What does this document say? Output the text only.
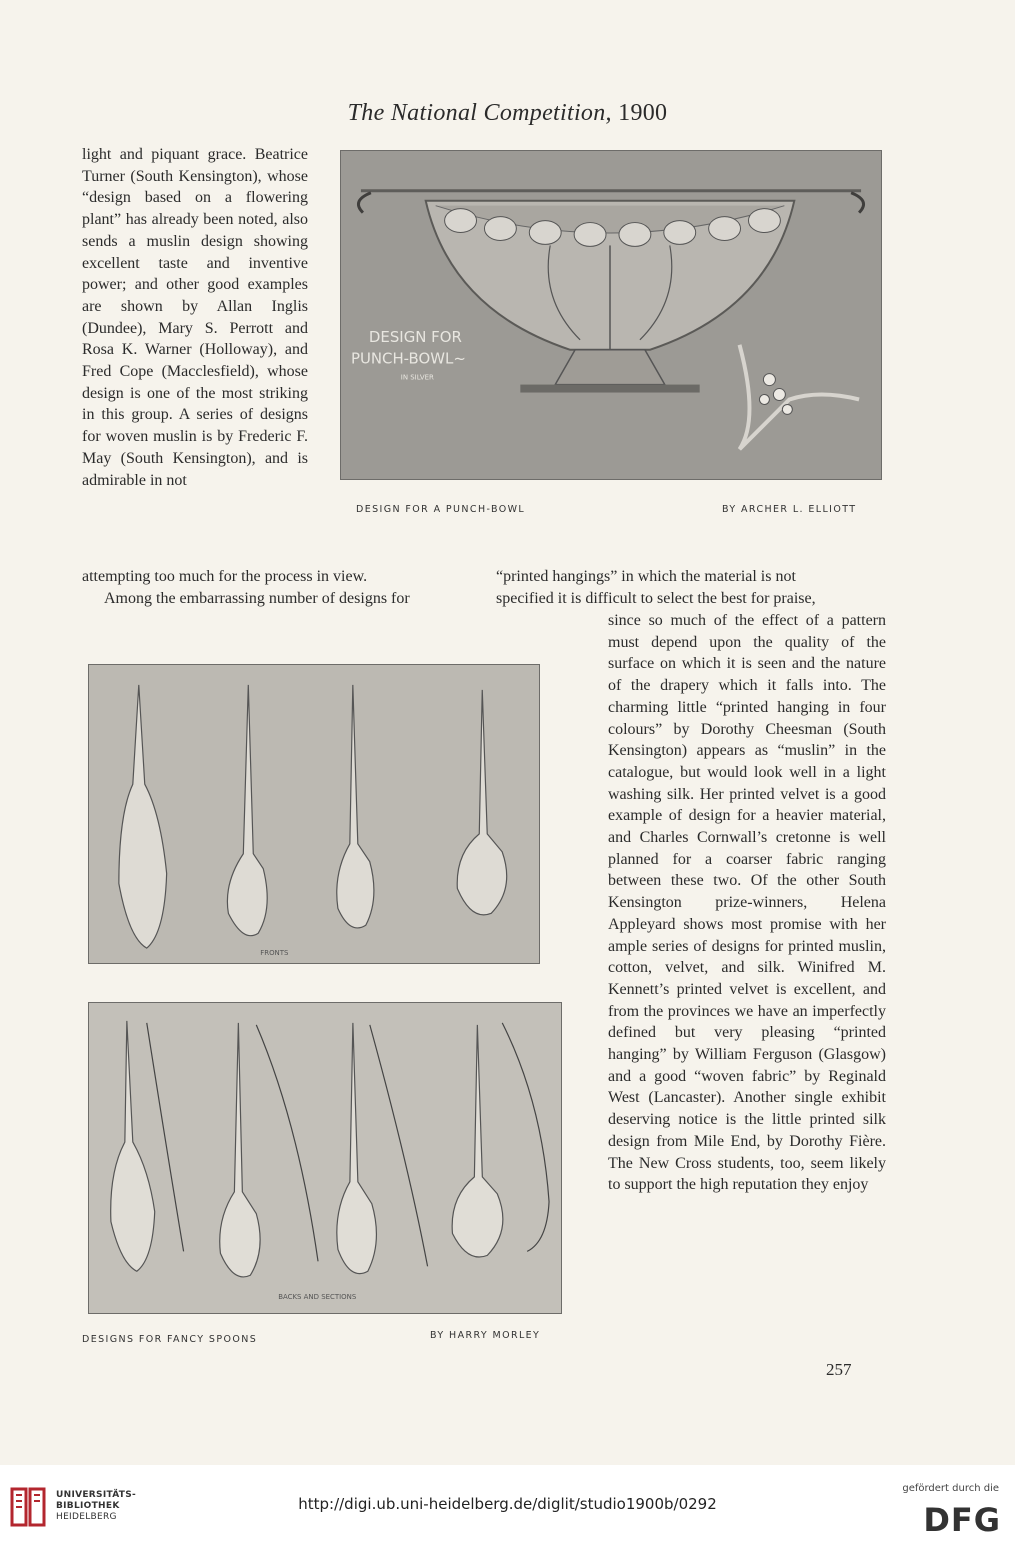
The National Competition, 1900

light and piquant grace. Beatrice Turner (South Kensington), whose “design based on a flowering plant” has already been noted, also sends a muslin design showing excellent taste and inventive power; and other good examples are shown by Allan Inglis (Dundee), Mary S. Perrott and Rosa K. Warner (Holloway), and Fred Cope (Macclesfield), whose design is one of the most striking in this group. A series of designs for woven muslin is by Frederic F. May (South Kensington), and is admirable in not

DESIGN FOR
PUNCH-BOWL~
IN SILVER
DESIGN FOR A PUNCH-BOWL	BY ARCHER L. ELLIOTT
attempting too much for the process in view.	“printed hangings” in which the material is not
Among the embarrassing number of designs for	specified it is difficult to select the best for praise,

since so much of the effect of a pattern must depend upon the quality of the surface on which it is seen and the nature of the drapery which it falls into. The charming little “printed hanging in four colours” by Dorothy Cheesman (South Kensington) appears as “muslin” in the catalogue, but would look well in a light washing silk. Her printed velvet is a good example of design for a heavier material, and Charles Cornwall’s cretonne is well planned for a coarser fabric ranging between these two. Of the other South Kensington prize-winners, Helena Appleyard shows most promise with her ample series of designs for printed muslin, cotton, velvet, and silk. Winifred M. Kennett’s printed velvet is excellent, and from the provinces we have an imperfectly defined but very pleasing “printed hanging” by William Ferguson (Glasgow) and a good “woven fabric” by Reginald West (Lancaster). Another single exhibit deserving notice is the little printed silk design from Mile End, by Dorothy Fière. The New Cross students, too, seem likely to support the high reputation they enjoy

FRONTS
BACKS AND SECTIONS
DESIGNS FOR FANCY SPOONS	BY HARRY MORLEY
257
UNIVERSITÄTS-
BIBLIOTHEK
HEIDELBERG
http://digi.ub.uni-heidelberg.de/diglit/studio1900b/0292
gefördert durch die
DFG
